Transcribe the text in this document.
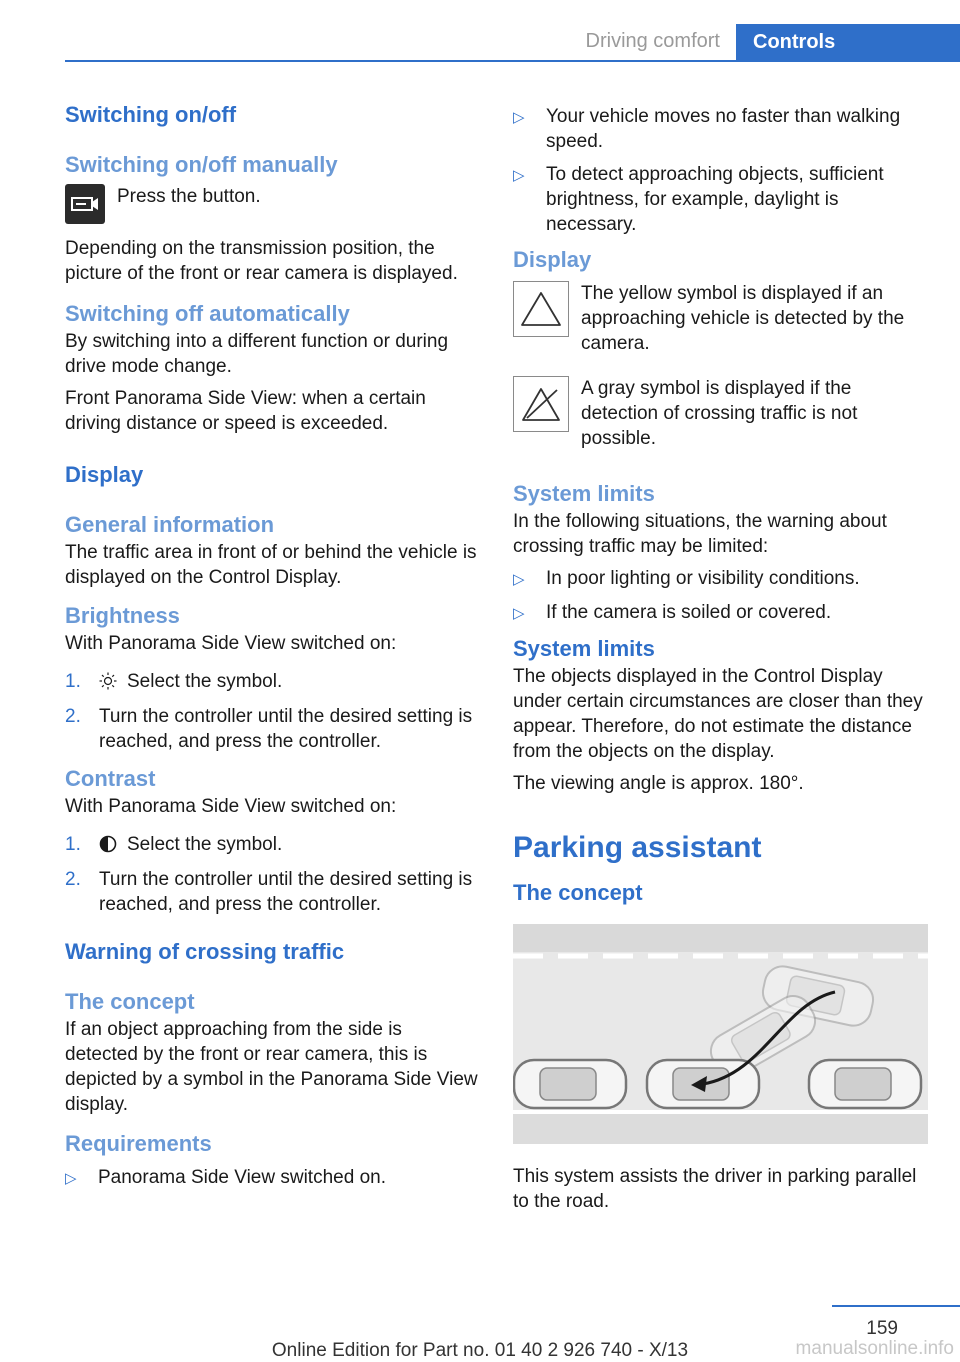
Driving comfort	Controls
Switching on/off
Switching on/off manually

Press the button.

Depending on the transmission position, the picture of the front or rear camera is displayed.

Switching off automatically

By switching into a different function or during drive mode change.

Front Panorama Side View: when a certain driving distance or speed is exceeded.

Display
General information

The traffic area in front of or behind the vehicle is displayed on the Control Display.

Brightness

With Panorama Side View switched on:

1.	Select the symbol.
2. Turn the controller until the desired setting is reached, and press the controller.
Contrast

With Panorama Side View switched on:

1.	Select the symbol.
2. Turn the controller until the desired setting is reached, and press the controller.
Warning of crossing traffic
The concept

If an object approaching from the side is detected by the front or rear camera, this is depicted by a symbol in the Panorama Side View display.

Requirements
▷	Panorama Side View switched on.
▷	Your vehicle moves no faster than walking speed.
▷	To detect approaching objects, sufficient brightness, for example, daylight is necessary.
Display

The yellow symbol is displayed if an approaching vehicle is detected by the camera.

A gray symbol is displayed if the detection of crossing traffic is not possible.

System limits

In the following situations, the warning about crossing traffic may be limited:

▷	In poor lighting or visibility conditions.
▷	If the camera is soiled or covered.
System limits

The objects displayed in the Control Display under certain circumstances are closer than they appear. Therefore, do not estimate the distance from the objects on the display.

The viewing angle is approx. 180°.

Parking assistant
The concept

This system assists the driver in parking parallel to the road.

159
Online Edition for Part no. 01 40 2 926 740 - X/13	manualsonline.info
